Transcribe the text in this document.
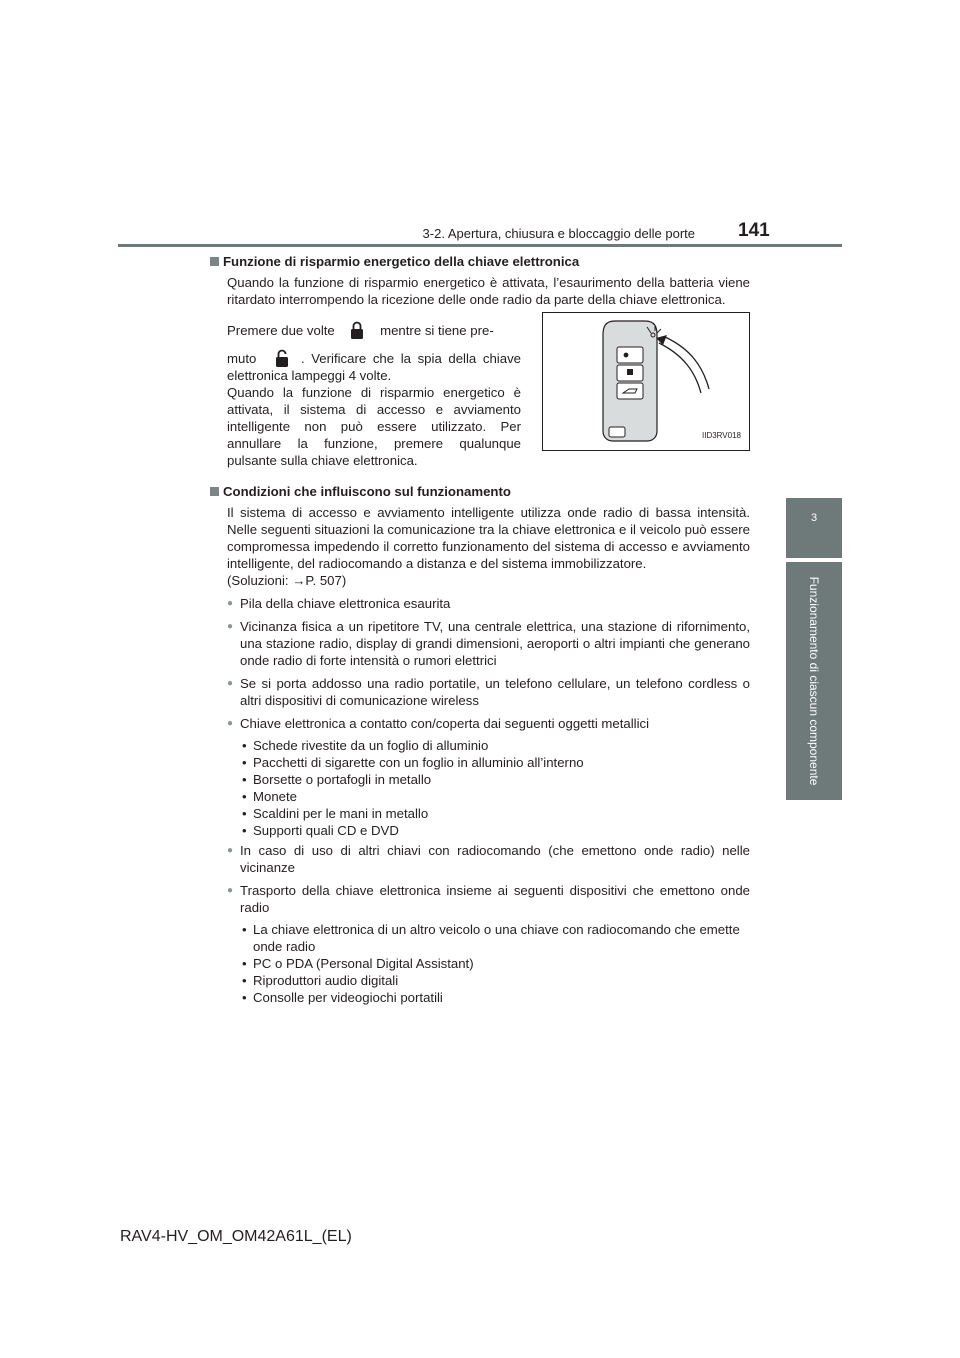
3-2. Apertura, chiusura e bloccaggio delle porte 141
3
Funzionamento di ciascun componente

Funzione di risparmio energetico della chiave elettronica

Quando la funzione di risparmio energetico è attivata, l’esaurimento della batteria viene ritardato interrompendo la ricezione delle onde radio da parte della chiave elettronica.

Premere due volte	mentre si tiene pre-

muto	. Verificare che la spia della chiave elettronica lampeggi 4 volte.

Quando la funzione di risparmio energetico è attivata, il sistema di accesso e avviamento intelligente non può essere utilizzato. Per annullare la funzione, premere qualunque pulsante sulla chiave elettronica.

IID3RV018

Condizioni che influiscono sul funzionamento

Il sistema di accesso e avviamento intelligente utilizza onde radio di bassa intensità. Nelle seguenti situazioni la comunicazione tra la chiave elettronica e il veicolo può essere compromessa impedendo il corretto funzionamento del sistema di accesso e avviamento intelligente, del radiocomando a distanza e del sistema immobilizzatore.
(Soluzioni: →P. 507)

● Pila della chiave elettronica esaurita

● Vicinanza fisica a un ripetitore TV, una centrale elettrica, una stazione di rifornimento, una stazione radio, display di grandi dimensioni, aeroporti o altri impianti che generano onde radio di forte intensità o rumori elettrici

● Se si porta addosso una radio portatile, un telefono cellulare, un telefono cordless o altri dispositivi di comunicazione wireless

● Chiave elettronica a contatto con/coperta dai seguenti oggetti metallici

• Schede rivestite da un foglio di alluminio

• Pacchetti di sigarette con un foglio in alluminio all’interno

• Borsette o portafogli in metallo

• Monete

• Scaldini per le mani in metallo

• Supporti quali CD e DVD

● In caso di uso di altri chiavi con radiocomando (che emettono onde radio) nelle vicinanze

● Trasporto della chiave elettronica insieme ai seguenti dispositivi che emettono onde radio

• La chiave elettronica di un altro veicolo o una chiave con radiocomando che emette onde radio

• PC o PDA (Personal Digital Assistant)

• Riproduttori audio digitali

• Consolle per videogiochi portatili

RAV4-HV_OM_OM42A61L_(EL)
